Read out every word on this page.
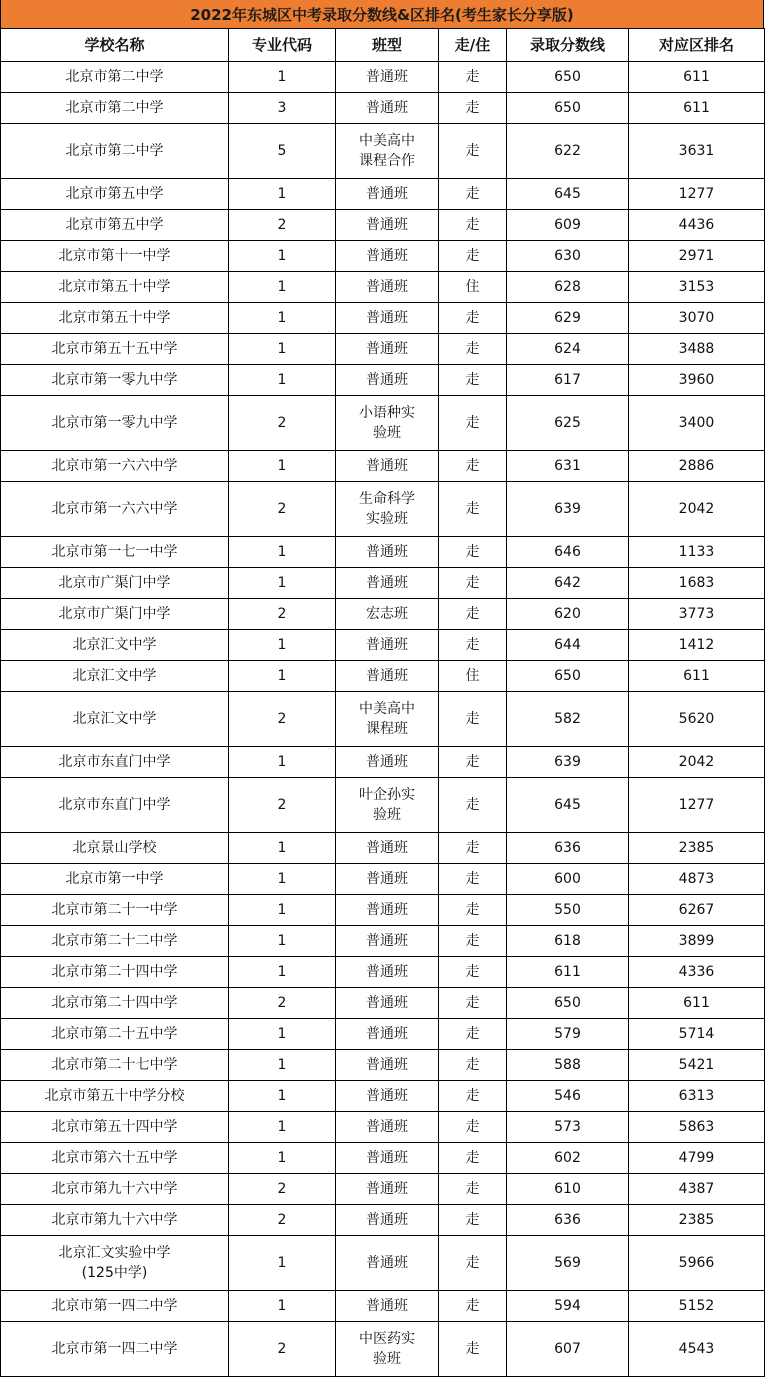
2022年东城区中考录取分数线&区排名(考生家长分享版)
学校名称	专业代码	班型	走/住	录取分数线	对应区排名
北京市第二中学	1	普通班	走	650	611
北京市第二中学	3	普通班	走	650	611
北京市第二中学	5	中美高中
课程合作	走	622	3631
北京市第五中学	1	普通班	走	645	1277
北京市第五中学	2	普通班	走	609	4436
北京市第十一中学	1	普通班	走	630	2971
北京市第五十中学	1	普通班	住	628	3153
北京市第五十中学	1	普通班	走	629	3070
北京市第五十五中学	1	普通班	走	624	3488
北京市第一零九中学	1	普通班	走	617	3960
北京市第一零九中学	2	小语种实
验班	走	625	3400
北京市第一六六中学	1	普通班	走	631	2886
北京市第一六六中学	2	生命科学
实验班	走	639	2042
北京市第一七一中学	1	普通班	走	646	1133
北京市广渠门中学	1	普通班	走	642	1683
北京市广渠门中学	2	宏志班	走	620	3773
北京汇文中学	1	普通班	走	644	1412
北京汇文中学	1	普通班	住	650	611
北京汇文中学	2	中美高中
课程班	走	582	5620
北京市东直门中学	1	普通班	走	639	2042
北京市东直门中学	2	叶企孙实
验班	走	645	1277
北京景山学校	1	普通班	走	636	2385
北京市第一中学	1	普通班	走	600	4873
北京市第二十一中学	1	普通班	走	550	6267
北京市第二十二中学	1	普通班	走	618	3899
北京市第二十四中学	1	普通班	走	611	4336
北京市第二十四中学	2	普通班	走	650	611
北京市第二十五中学	1	普通班	走	579	5714
北京市第二十七中学	1	普通班	走	588	5421
北京市第五十中学分校	1	普通班	走	546	6313
北京市第五十四中学	1	普通班	走	573	5863
北京市第六十五中学	1	普通班	走	602	4799
北京市第九十六中学	2	普通班	走	610	4387
北京市第九十六中学	2	普通班	走	636	2385

北京汇文实验中学
(125中学)	1	普通班	走	569	5966
北京市第一四二中学	1	普通班	走	594	5152
北京市第一四二中学	2	中医药实
验班	走	607	4543
